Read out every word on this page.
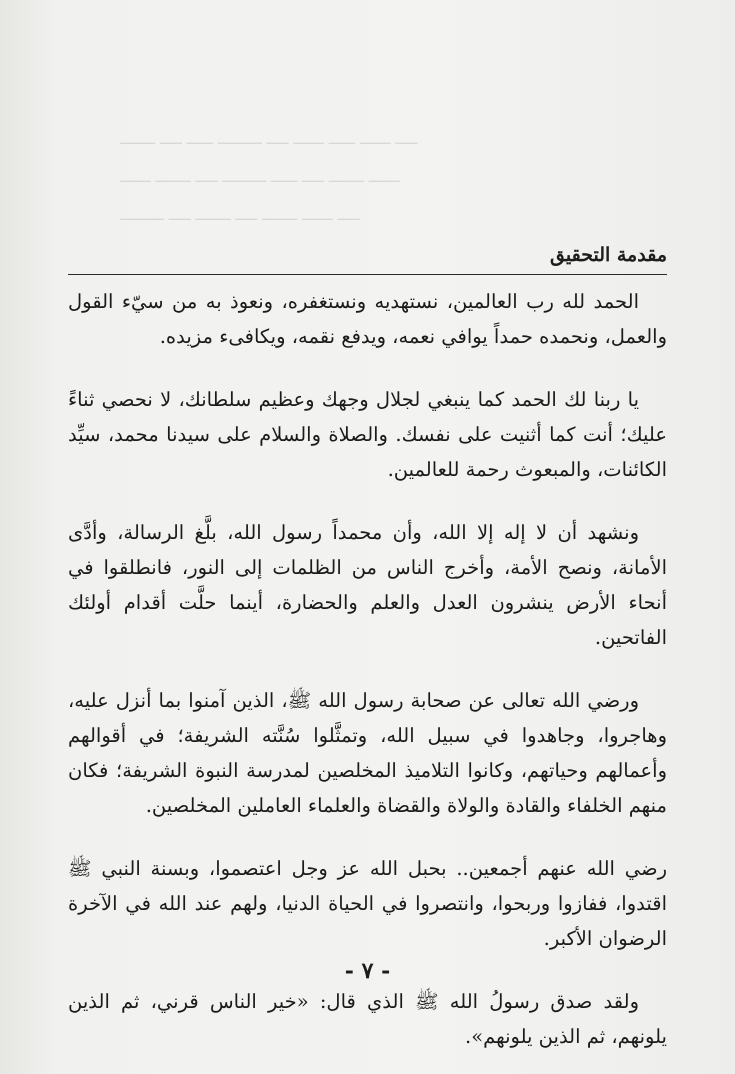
ــــــــ ـــــ ــــــ ــــــــــ ـــــ ـــــــ ــــــ ـــــــ ـــــ
ـــــــ ــــــــ ـــــ ــــــــــ ــــــ ـــــ ــــــــ ـــــــ
ــــــــــ ـــــ ــــــــ ـــــ ــــــــ ـــــــ ـــــ
مقدمة التحقيق

الحمد لله رب العالمين، نستهديه ونستغفره، ونعوذ به من سيّء القول والعمل، ونحمده حمداً يوافي نعمه، ويدفع نقمه، ويكافىء مزيده.

يا ربنا لك الحمد كما ينبغي لجلال وجهك وعظيم سلطانك، لا نحصي ثناءً عليك؛ أنت كما أثنيت على نفسك. والصلاة والسلام على سيدنا محمد، سيِّد الكائنات، والمبعوث رحمة للعالمين.

ونشهد أن لا إله إلا الله، وأن محمداً رسول الله، بلَّغ الرسالة، وأدَّى الأمانة، ونصح الأمة، وأخرج الناس من الظلمات إلى النور، فانطلقوا في أنحاء الأرض ينشرون العدل والعلم والحضارة، أينما حلَّت أقدام أولئك الفاتحين.

ورضي الله تعالى عن صحابة رسول الله ﷺ، الذين آمنوا بما أنزل عليه، وهاجروا، وجاهدوا في سبيل الله، وتمثَّلوا سُنَّته الشريفة؛ في أقوالهم وأعمالهم وحياتهم، وكانوا التلاميذ المخلصين لمدرسة النبوة الشريفة؛ فكان منهم الخلفاء والقادة والولاة والقضاة والعلماء العاملين المخلصين.

رضي الله عنهم أجمعين.. بحبل الله عز وجل اعتصموا، وبسنة النبي ﷺ اقتدوا، ففازوا وربحوا، وانتصروا في الحياة الدنيا، ولهم عند الله في الآخرة الرضوان الأكبر.

ولقد صدق رسولُ الله ﷺ الذي قال: «خير الناس قرني، ثم الذين يلونهم، ثم الذين يلونهم».

- ٧ -
